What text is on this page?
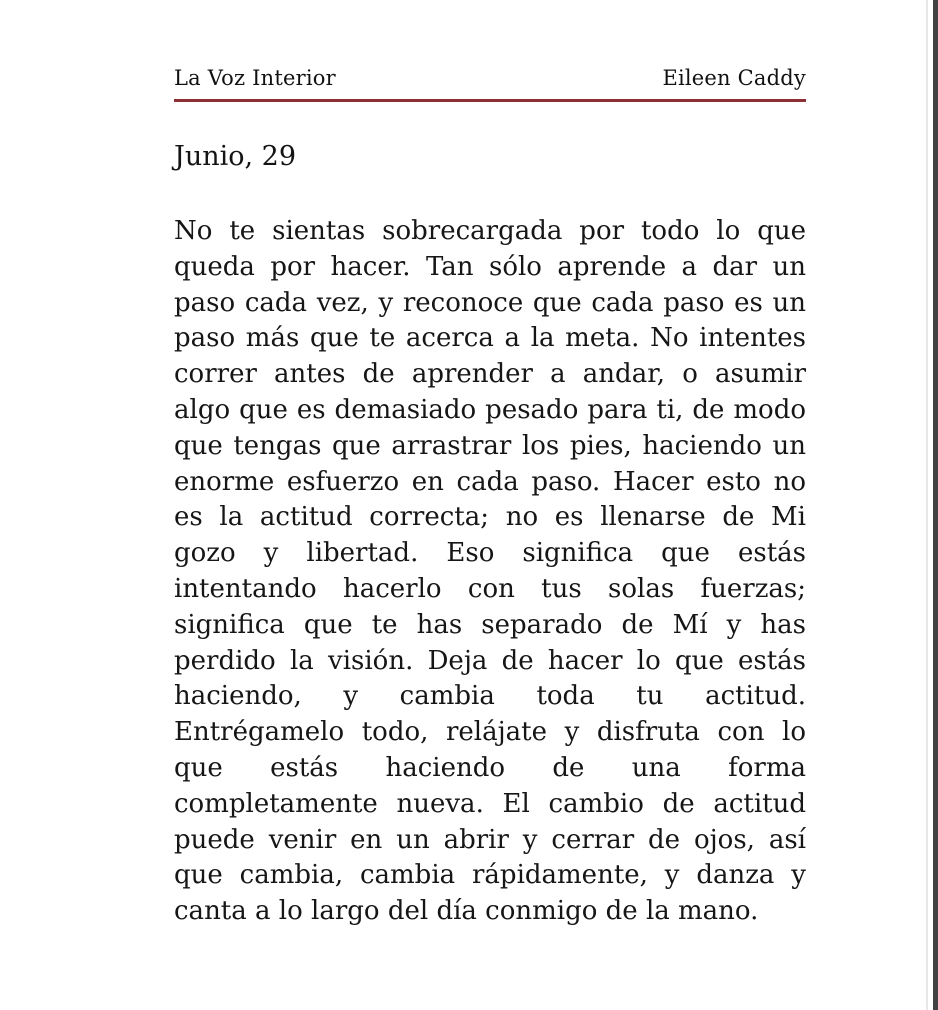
La Voz Interior	Eileen Caddy
Junio, 29

No te sientas sobrecargada por todo lo que queda por hacer. Tan sólo aprende a dar un paso cada vez, y reconoce que cada paso es un paso más que te acerca a la meta. No intentes correr antes de aprender a andar, o asumir algo que es demasiado pesado para ti, de modo que tengas que arrastrar los pies, haciendo un enorme esfuerzo en cada paso. Hacer esto no es la actitud correcta; no es llenarse de Mi gozo y libertad. Eso significa que estás intentando hacerlo con tus solas fuerzas; significa que te has separado de Mí y has perdido la visión. Deja de hacer lo que estás haciendo, y cambia toda tu actitud. Entrégamelo todo, relájate y disfruta con lo que estás haciendo de una forma completamente nueva. El cambio de actitud puede venir en un abrir y cerrar de ojos, así que cambia, cambia rápidamente, y danza y canta a lo largo del día conmigo de la mano.
